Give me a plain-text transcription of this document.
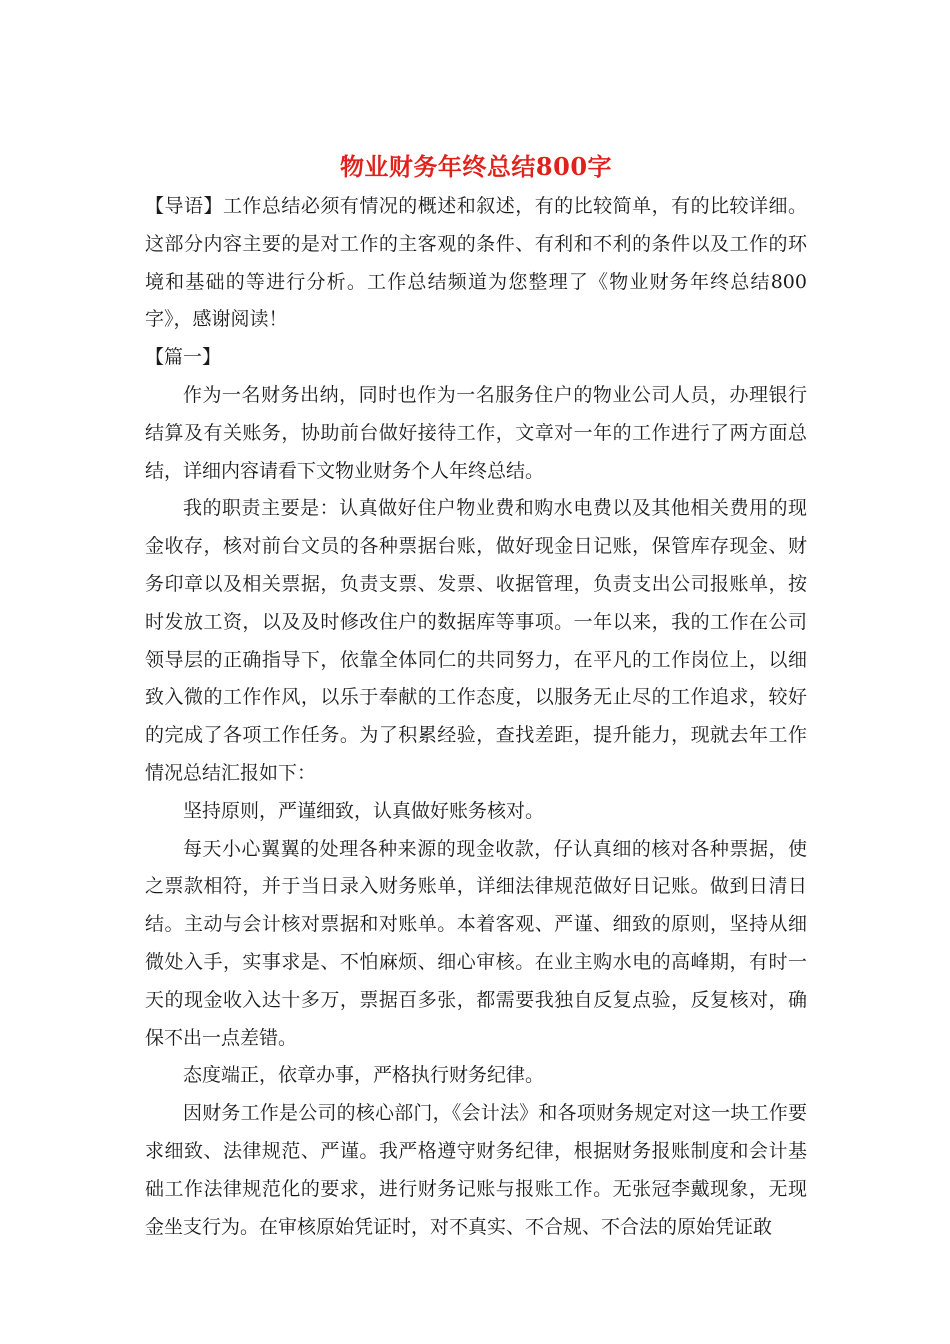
物业财务年终总结800字

【导语】工作总结必须有情况的概述和叙述，有的比较简单，有的比较详细。这部分内容主要的是对工作的主客观的条件、有利和不利的条件以及工作的环境和基础的等进行分析。工作总结频道为您整理了《物业财务年终总结800字》，感谢阅读！

【篇一】

作为一名财务出纳，同时也作为一名服务住户的物业公司人员，办理银行结算及有关账务，协助前台做好接待工作，文章对一年的工作进行了两方面总结，详细内容请看下文物业财务个人年终总结。

我的职责主要是：认真做好住户物业费和购水电费以及其他相关费用的现金收存，核对前台文员的各种票据台账，做好现金日记账，保管库存现金、财务印章以及相关票据，负责支票、发票、收据管理，负责支出公司报账单，按时发放工资，以及及时修改住户的数据库等事项。一年以来，我的工作在公司领导层的正确指导下，依靠全体同仁的共同努力，在平凡的工作岗位上，以细致入微的工作作风，以乐于奉献的工作态度，以服务无止尽的工作追求，较好的完成了各项工作任务。为了积累经验，查找差距，提升能力，现就去年工作情况总结汇报如下：

坚持原则，严谨细致，认真做好账务核对。

每天小心翼翼的处理各种来源的现金收款，仔认真细的核对各种票据，使之票款相符，并于当日录入财务账单，详细法律规范做好日记账。做到日清日结。主动与会计核对票据和对账单。本着客观、严谨、细致的原则，坚持从细微处入手，实事求是、不怕麻烦、细心审核。在业主购水电的高峰期，有时一天的现金收入达十多万，票据百多张，都需要我独自反复点验，反复核对，确保不出一点差错。

态度端正，依章办事，严格执行财务纪律。

因财务工作是公司的核心部门，《会计法》和各项财务规定对这一块工作要求细致、法律规范、严谨。我严格遵守财务纪律，根据财务报账制度和会计基础工作法律规范化的要求，进行财务记账与报账工作。无张冠李戴现象，无现金坐支行为。在审核原始凭证时，对不真实、不合规、不合法的原始凭证敢
